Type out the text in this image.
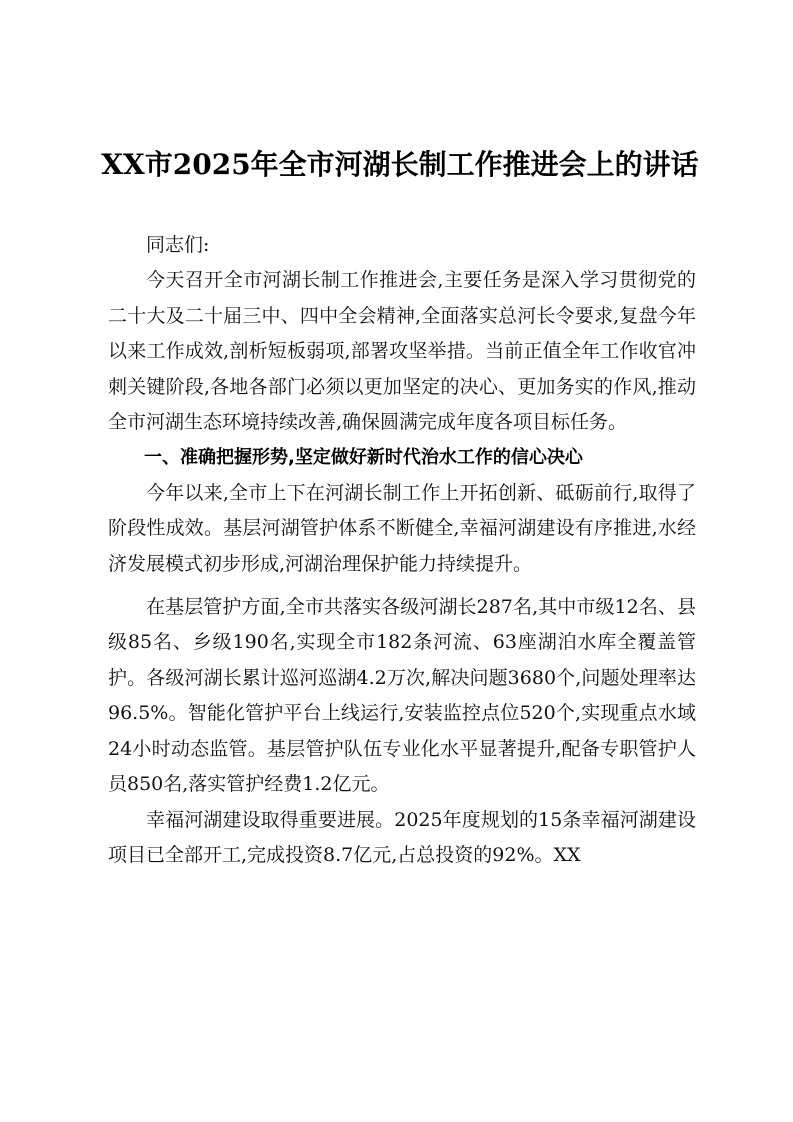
XX市2025年全市河湖长制工作推进会上的讲话

同志们:

今天召开全市河湖长制工作推进会,主要任务是深入学习贯彻党的二十大及二十届三中、四中全会精神,全面落实总河长令要求,复盘今年以来工作成效,剖析短板弱项,部署攻坚举措。当前正值全年工作收官冲刺关键阶段,各地各部门必须以更加坚定的决心、更加务实的作风,推动全市河湖生态环境持续改善,确保圆满完成年度各项目标任务。

一、准确把握形势,坚定做好新时代治水工作的信心决心

今年以来,全市上下在河湖长制工作上开拓创新、砥砺前行,取得了阶段性成效。基层河湖管护体系不断健全,幸福河湖建设有序推进,水经济发展模式初步形成,河湖治理保护能力持续提升。

在基层管护方面,全市共落实各级河湖长287名,其中市级12名、县级85名、乡级190名,实现全市182条河流、63座湖泊水库全覆盖管护。各级河湖长累计巡河巡湖4.2万次,解决问题3680个,问题处理率达96.5%。智能化管护平台上线运行,安装监控点位520个,实现重点水域24小时动态监管。基层管护队伍专业化水平显著提升,配备专职管护人员850名,落实管护经费1.2亿元。

幸福河湖建设取得重要进展。2025年度规划的15条幸福河湖建设项目已全部开工,完成投资8.7亿元,占总投资的92%。XX
